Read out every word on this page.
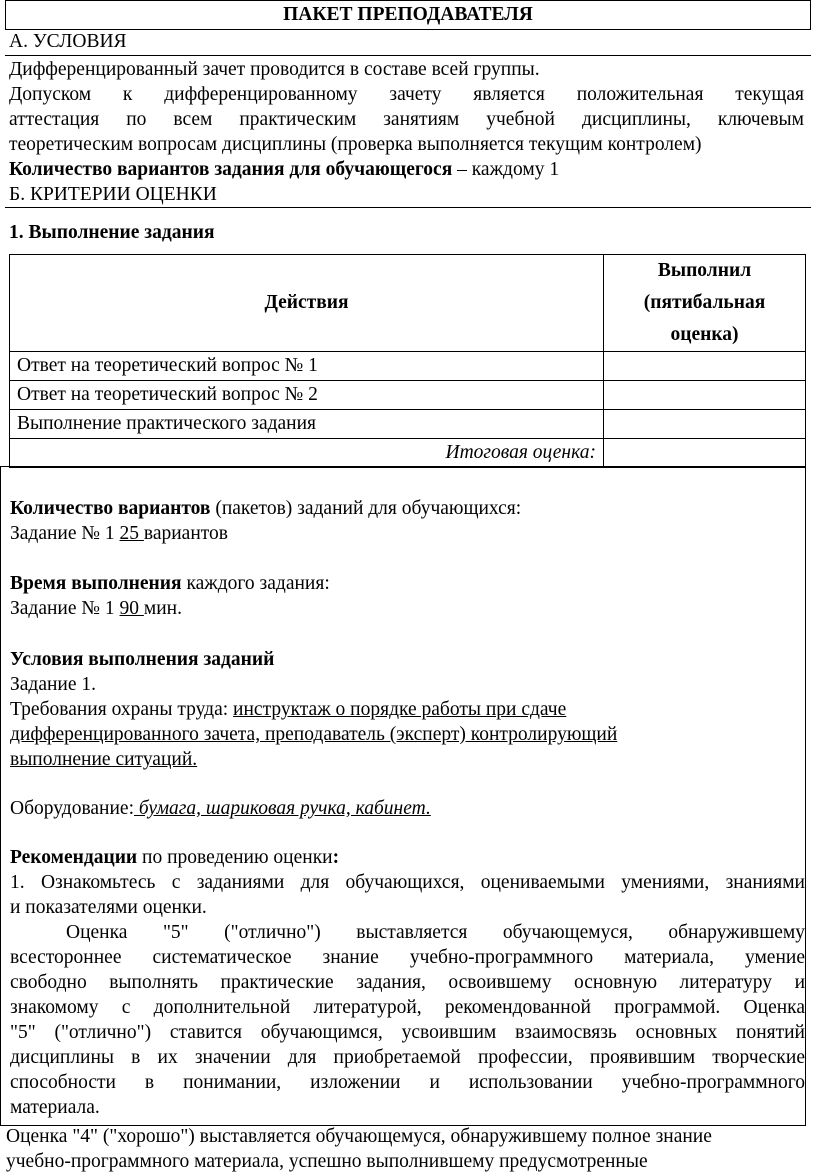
ПАКЕТ ПРЕПОДАВАТЕЛЯ
А. УСЛОВИЯ
Дифференцированный зачет проводится в составе всей группы.
Допуском к дифференцированному зачету является положительная текущая
аттестация по всем практическим занятиям учебной дисциплины, ключевым
теоретическим вопросам дисциплины (проверка выполняется текущим контролем)
Количество вариантов задания для обучающегося – каждому 1
Б. КРИТЕРИИ ОЦЕНКИ
1. Выполнение задания
Действия	Выполнил
(пятибальная
оценка)

Ответ на теоретический вопрос № 1	
Ответ на теоретический вопрос № 2	
Выполнение практического задания	
Итоговая оценка:	
Количество вариантов (пакетов) заданий для обучающихся:
Задание № 1 25 вариантов
Время выполнения каждого задания:
Задание № 1 90 мин.
Условия выполнения заданий
Задание 1.
Требования охраны труда: инструктаж о порядке работы при сдаче
дифференцированного зачета, преподаватель (эксперт) контролирующий
выполнение ситуаций.
Оборудование: бумага, шариковая ручка, кабинет.
Рекомендации по проведению оценки:
1. Ознакомьтесь с заданиями для обучающихся, оцениваемыми умениями, знаниями
и показателями оценки.
Оценка "5" ("отлично") выставляется обучающемуся, обнаружившему
всестороннее систематическое знание учебно-программного материала, умение
свободно выполнять практические задания, освоившему основную литературу и
знакомому с дополнительной литературой, рекомендованной программой. Оценка
"5" ("отлично") ставится обучающимся, усвоившим взаимосвязь основных понятий
дисциплины в их значении для приобретаемой профессии, проявившим творческие
способности в понимании, изложении и использовании учебно-программного
материала.
Оценка "4" ("хорошо") выставляется обучающемуся, обнаружившему полное знание
учебно-программного материала, успешно выполнившему предусмотренные
